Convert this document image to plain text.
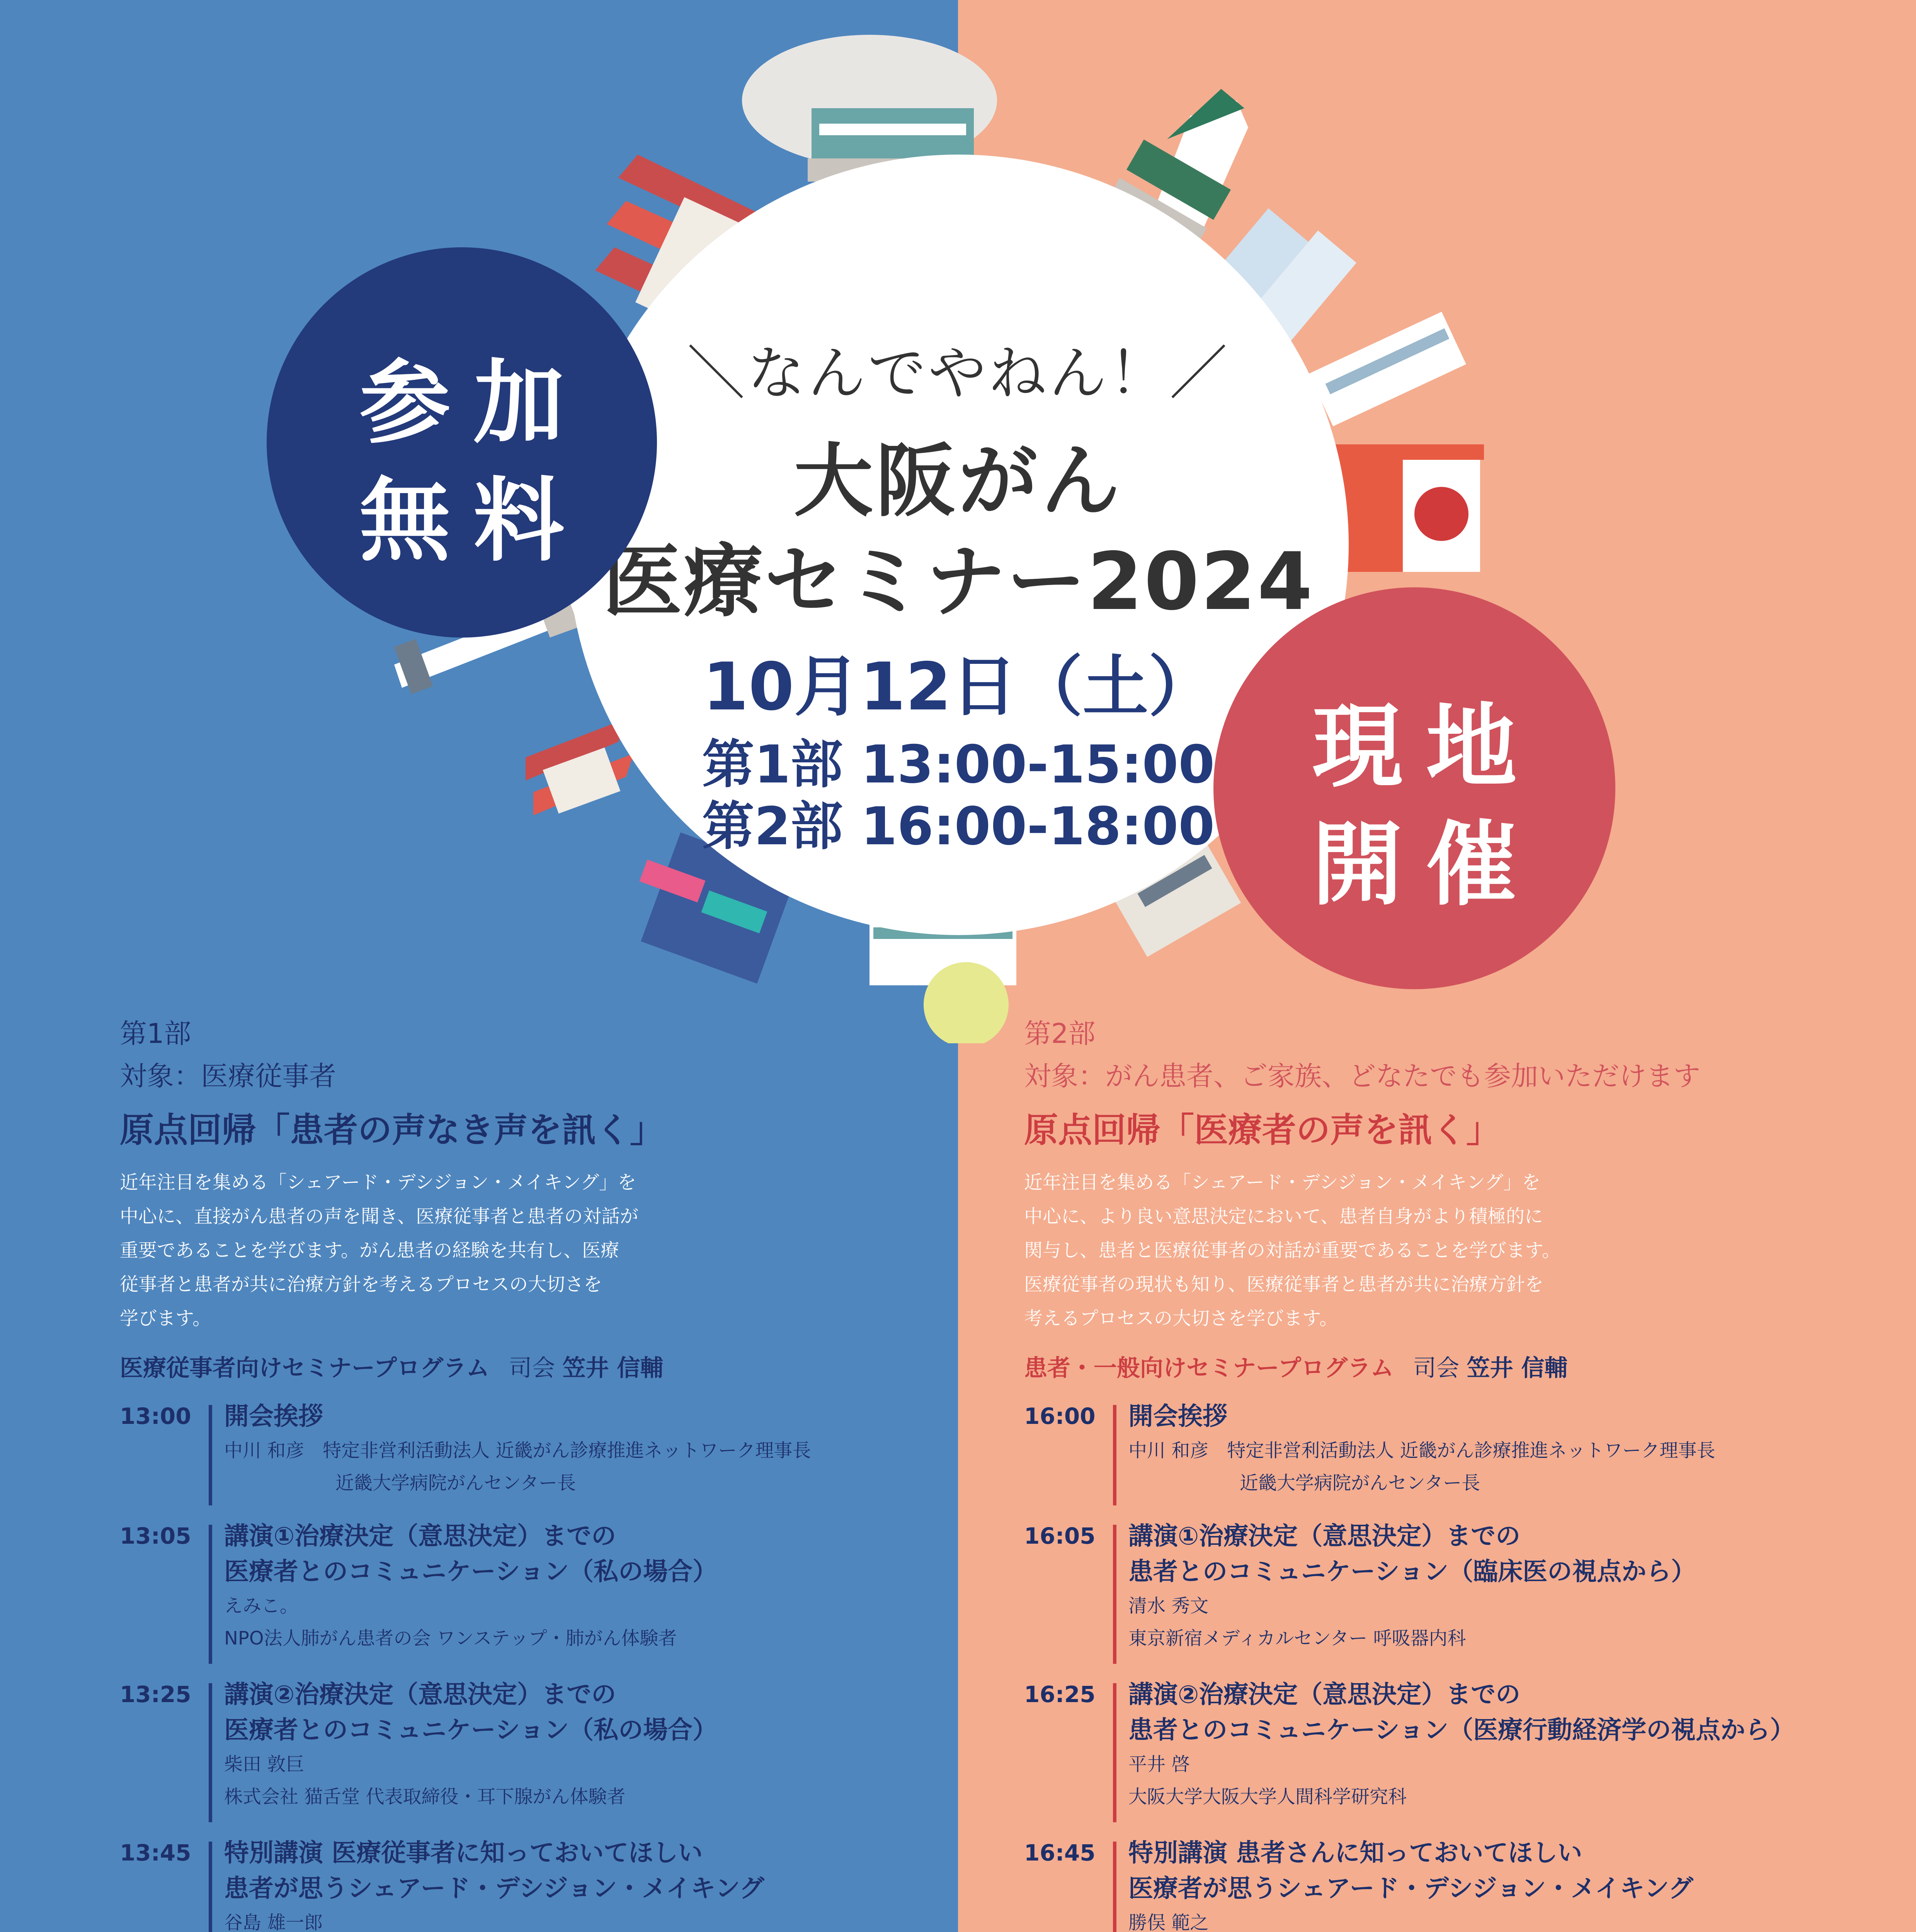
＼なんでやねん！／
大阪がん
医療セミナー2024
10月12日（土）
第1部 13:00-15:00
第2部 16:00-18:00
参加
無料
現地
開催
第1部
対象：医療従事者
原点回帰「患者の声なき声を訊く」
近年注目を集める「シェアード・デシジョン・メイキング」を
中心に、直接がん患者の声を聞き、医療従事者と患者の対話が
重要であることを学びます。がん患者の経験を共有し、医療
従事者と患者が共に治療方針を考えるプロセスの大切さを
学びます。
医療従事者向けセミナープログラム 司会 笠井 信輔
13:00	開会挨拶
中川 和彦　特定非営利活動法人 近畿がん診療推進ネットワーク理事長
　　　　　　近畿大学病院がんセンター長
13:05	講演①治療決定（意思決定）までの
医療者とのコミュニケーション（私の場合）
えみこ。
NPO法人肺がん患者の会 ワンステップ・肺がん体験者
13:25	講演②治療決定（意思決定）までの
医療者とのコミュニケーション（私の場合）
柴田 敦巨
株式会社 猫舌堂 代表取締役・耳下腺がん体験者
13:45	特別講演 医療従事者に知っておいてほしい
患者が思うシェアード・デシジョン・メイキング
谷島 雄一郎
第2部
対象：がん患者、ご家族、どなたでも参加いただけます
原点回帰「医療者の声を訊く」
近年注目を集める「シェアード・デシジョン・メイキング」を
中心に、より良い意思決定において、患者自身がより積極的に
関与し、患者と医療従事者の対話が重要であることを学びます。
医療従事者の現状も知り、医療従事者と患者が共に治療方針を
考えるプロセスの大切さを学びます。
患者・一般向けセミナープログラム 司会 笠井 信輔
16:00	開会挨拶
中川 和彦　特定非営利活動法人 近畿がん診療推進ネットワーク理事長
　　　　　　近畿大学病院がんセンター長
16:05	講演①治療決定（意思決定）までの
患者とのコミュニケーション（臨床医の視点から）
清水 秀文
東京新宿メディカルセンター 呼吸器内科
16:25	講演②治療決定（意思決定）までの
患者とのコミュニケーション（医療行動経済学の視点から）
平井 啓
大阪大学大阪大学人間科学研究科
16:45	特別講演 患者さんに知っておいてほしい
医療者が思うシェアード・デシジョン・メイキング
勝俣 範之
